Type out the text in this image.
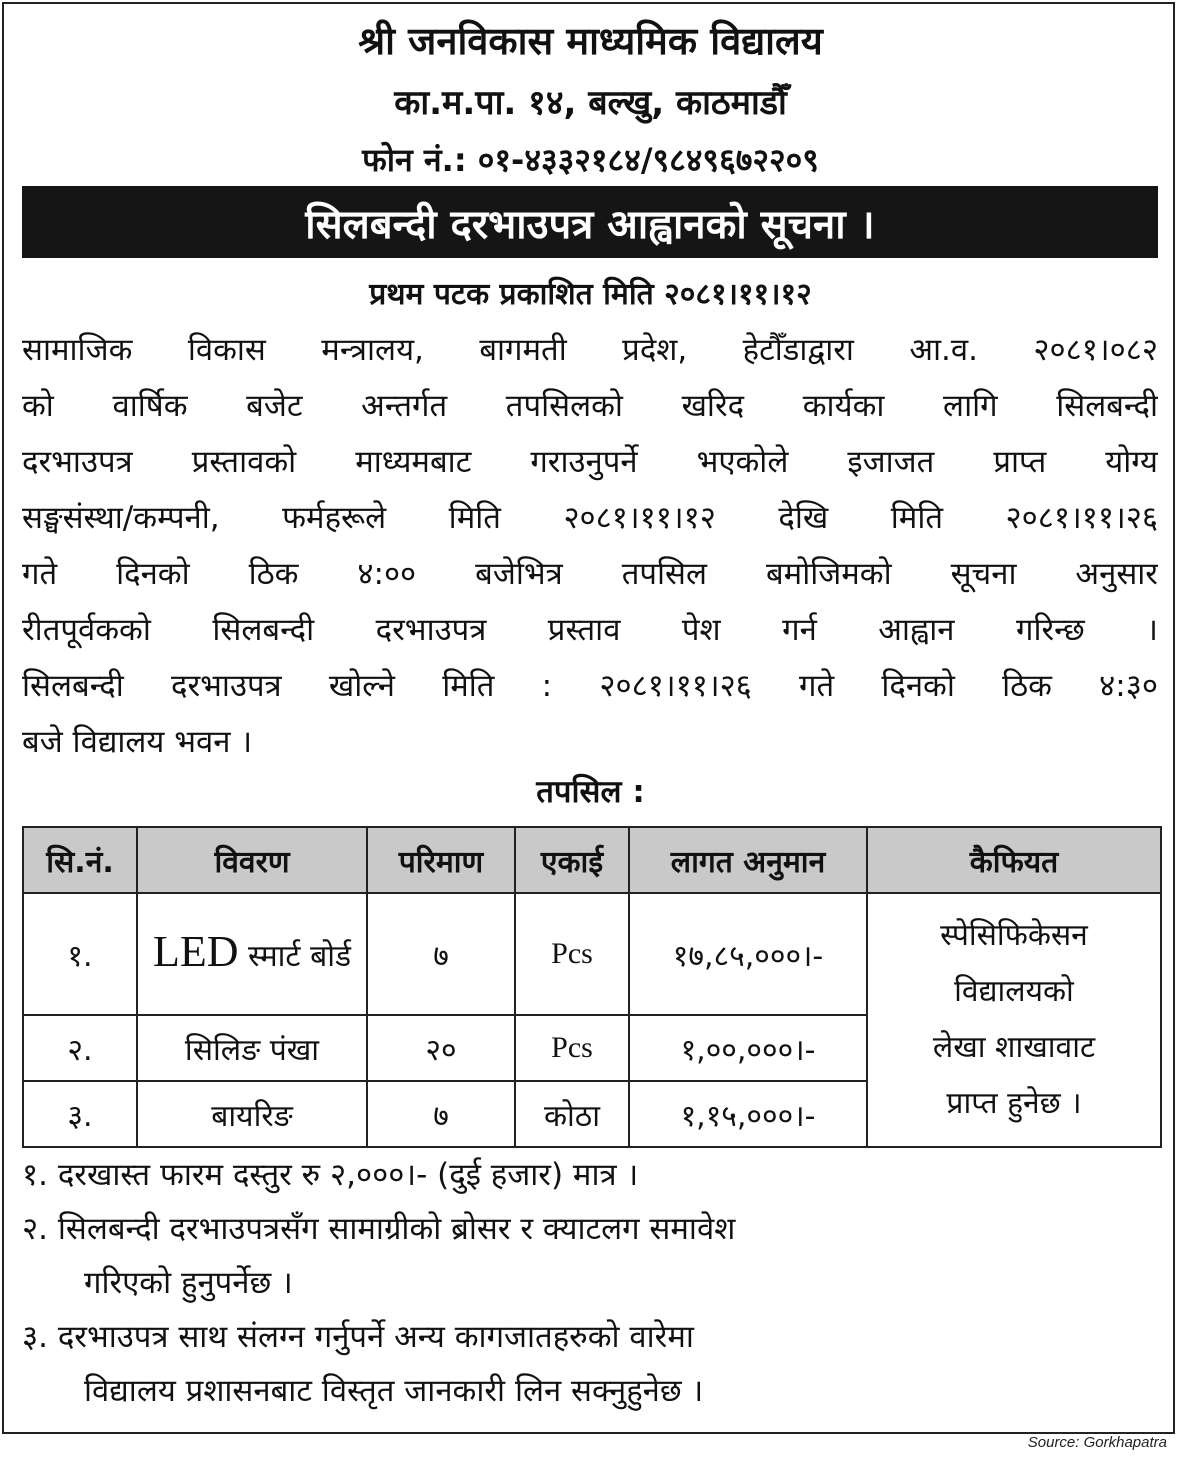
श्री जनविकास माध्यमिक विद्यालय
का.म.पा. १४, बल्खु, काठमाडौँ
फोन नं.: ०१-४३३२१८४/९८४९६७२२०९
सिलबन्दी दरभाउपत्र आह्वानको सूचना ।
प्रथम पटक प्रकाशित मिति २०८१।११।१२
सामाजिक विकास मन्त्रालय, बागमती प्रदेश, हेटौँडाद्वारा आ.व. २०८१।०८२
को वार्षिक बजेट अन्तर्गत तपसिलको खरिद कार्यका लागि सिलबन्दी
दरभाउपत्र प्रस्तावको माध्यमबाट गराउनुपर्ने भएकोले इजाजत प्राप्त योग्य
सङ्घसंस्था/कम्पनी, फर्महरूले मिति २०८१।११।१२ देखि मिति २०८१।११।२६
गते दिनको ठिक ४:०० बजेभित्र तपसिल बमोजिमको सूचना अनुसार
रीतपूर्वकको सिलबन्दी दरभाउपत्र प्रस्ताव पेश गर्न आह्वान गरिन्छ ।
सिलबन्दी दरभाउपत्र खोल्ने मिति : २०८१।११।२६ गते दिनको ठिक ४:३०
बजे विद्यालय भवन ।
तपसिल :
सि.नं.	विवरण	परिमाण	एकाई	लागत अनुमान	कैफियत
१.	LED स्मार्ट बोर्ड	७	Pcs	१७,८५,०००।-	स्पेसिफिकेसन
विद्यालयको
लेखा शाखावाट
प्राप्त हुनेछ ।

२.	सिलिङ पंखा	२०	Pcs	१,००,०००।-	
३.	बायरिङ	७	कोठा	१,१५,०००।-	
१. दरखास्त फारम दस्तुर रु २,०००।- (दुई हजार) मात्र ।
२. सिलबन्दी दरभाउपत्रसँग सामाग्रीको ब्रोसर र क्याटलग समावेश
गरिएको हुनुपर्नेछ ।
३. दरभाउपत्र साथ संलग्न गर्नुपर्ने अन्य कागजातहरुको वारेमा
विद्यालय प्रशासनबाट विस्तृत जानकारी लिन सक्नुहुनेछ ।
Source: Gorkhapatra
